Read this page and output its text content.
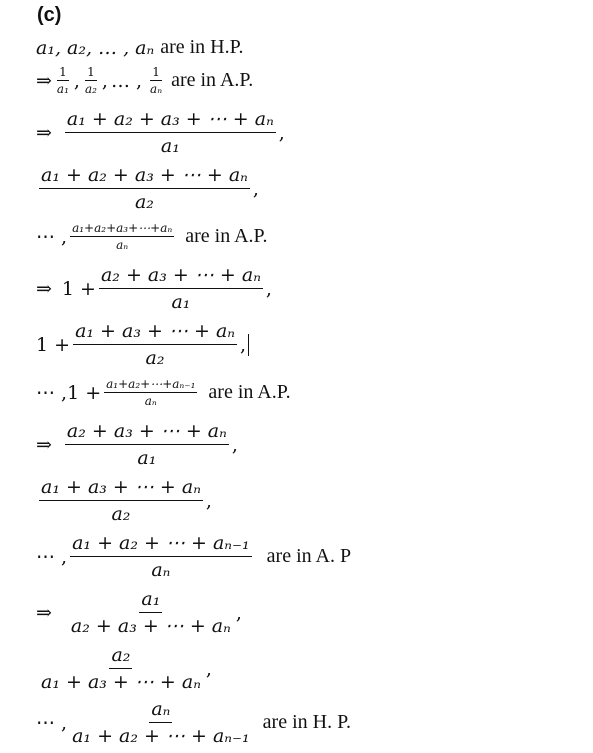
(c)
a₁, a₂, … , aₙ are in H.P.
⇒ $\frac{1}{\text{a₁}}$ , $\frac{1}{\text{a₂}}$ , … , $\frac{1}{\text{aₙ}}$ are in A.P.
⇒ $\frac{\text{a₁ + a₂ + a₃ + ⋯ + aₙ}}{\text{a₁}}$ ,
$\frac{\text{a₁ + a₂ + a₃ + ⋯ + aₙ}}{\text{a₂}}$ ,
⋯ , $\frac{\text{a₁+a₂+a₃+⋯+aₙ}}{\text{aₙ}}$ are in A.P.
⇒ $1 + \frac{\text{a₂ + a₃ + ⋯ + aₙ}}{\text{a₁}}$ ,
$1 + \frac{\text{a₁ + a₃ + ⋯ + aₙ}}{\text{a₂}}$ ,
⋯ , $1 + \frac{\text{a₁+a₂+⋯+aₙ₋₁}}{\text{aₙ}}$ are in A.P.
⇒ $\frac{\text{a₂ + a₃ + ⋯ + aₙ}}{\text{a₁}}$ ,
$\frac{\text{a₁ + a₃ + ⋯ + aₙ}}{\text{a₂}}$ ,
⋯ , $\frac{\text{a₁ + a₂ + ⋯ + aₙ₋₁}}{\text{aₙ}}$ are in A. P
⇒ $\frac{\text{a₁}}{\text{a₂ + a₃ + ⋯ + aₙ}}$ ,
$\frac{\text{a₂}}{\text{a₁ + a₃ + ⋯ + aₙ}}$ ,
⋯ , $\frac{\text{aₙ}}{\text{a₁ + a₂ + ⋯ + aₙ₋₁}}$ are in H. P.
